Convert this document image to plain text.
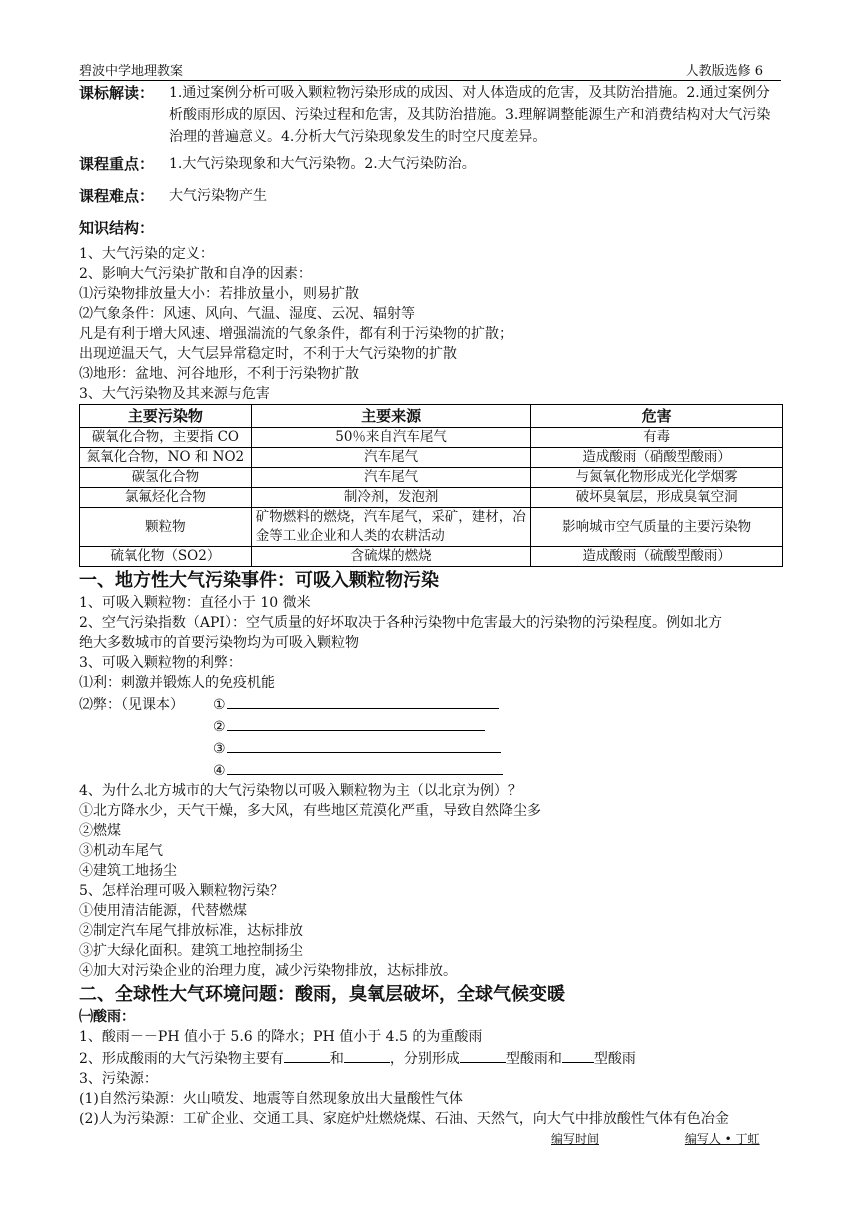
碧波中学地理教案	人教版选修 6
课标解读：	1.通过案例分析可吸入颗粒物污染形成的成因、对人体造成的危害，及其防治措施。2.通过案例分析酸雨形成的原因、污染过程和危害，及其防治措施。3.理解调整能源生产和消费结构对大气污染治理的普遍意义。4.分析大气污染现象发生的时空尺度差异。
课程重点：	1.大气污染现象和大气污染物。2.大气污染防治。
课程难点：	大气污染物产生
知识结构：
1、大气污染的定义：
2、影响大气污染扩散和自净的因素：
⑴污染物排放量大小：若排放量小，则易扩散
⑵气象条件：风速、风向、气温、湿度、云况、辐射等
凡是有利于增大风速、增强湍流的气象条件，都有利于污染物的扩散；
出现逆温天气，大气层异常稳定时，不利于大气污染物的扩散
⑶地形：盆地、河谷地形，不利于污染物扩散
3、大气污染物及其来源与危害
主要污染物	主要来源	危害
碳氧化合物，主要指 CO	50％来自汽车尾气	有毒
氮氧化合物，NO 和 NO2	汽车尾气	造成酸雨（硝酸型酸雨）
碳氢化合物	汽车尾气	与氮氧化物形成光化学烟雾
氯氟烃化合物	制冷剂，发泡剂	破坏臭氧层，形成臭氧空洞
颗粒物	矿物燃料的燃烧，汽车尾气，采矿，建材，冶金等工业企业和人类的农耕活动	影响城市空气质量的主要污染物
硫氧化物（SO2）	含硫煤的燃烧	造成酸雨（硫酸型酸雨）
一、地方性大气污染事件：可吸入颗粒物污染
1、可吸入颗粒物：直径小于 10 微米
2、空气污染指数（API）：空气质量的好坏取决于各种污染物中危害最大的污染物的污染程度。例如北方
绝大多数城市的首要污染物均为可吸入颗粒物
3、可吸入颗粒物的利弊：
⑴利：刺激并锻炼人的免疫机能
⑵弊：（见课本） ①
②
③
④
4、为什么北方城市的大气污染物以可吸入颗粒物为主（以北京为例）？
①北方降水少，天气干燥，多大风，有些地区荒漠化严重，导致自然降尘多
②燃煤
③机动车尾气
④建筑工地扬尘
5、怎样治理可吸入颗粒物污染？
①使用清洁能源，代替燃煤
②制定汽车尾气排放标准，达标排放
③扩大绿化面积。建筑工地控制扬尘
④加大对污染企业的治理力度，减少污染物排放，达标排放。
二、全球性大气环境问题：酸雨，臭氧层破坏，全球气候变暖
㈠酸雨：
1、酸雨－－PH 值小于 5.6 的降水；PH 值小于 4.5 的为重酸雨
2、形成酸雨的大气污染物主要有	和	，分别形成	型酸雨和 型酸雨
3、污染源：
(1)自然污染源：火山喷发、地震等自然现象放出大量酸性气体
(2)人为污染源：工矿企业、交通工具、家庭炉灶燃烧煤、石油、天然气，向大气中排放酸性气体有色冶金
编写时间	编写人 • 丁虹
